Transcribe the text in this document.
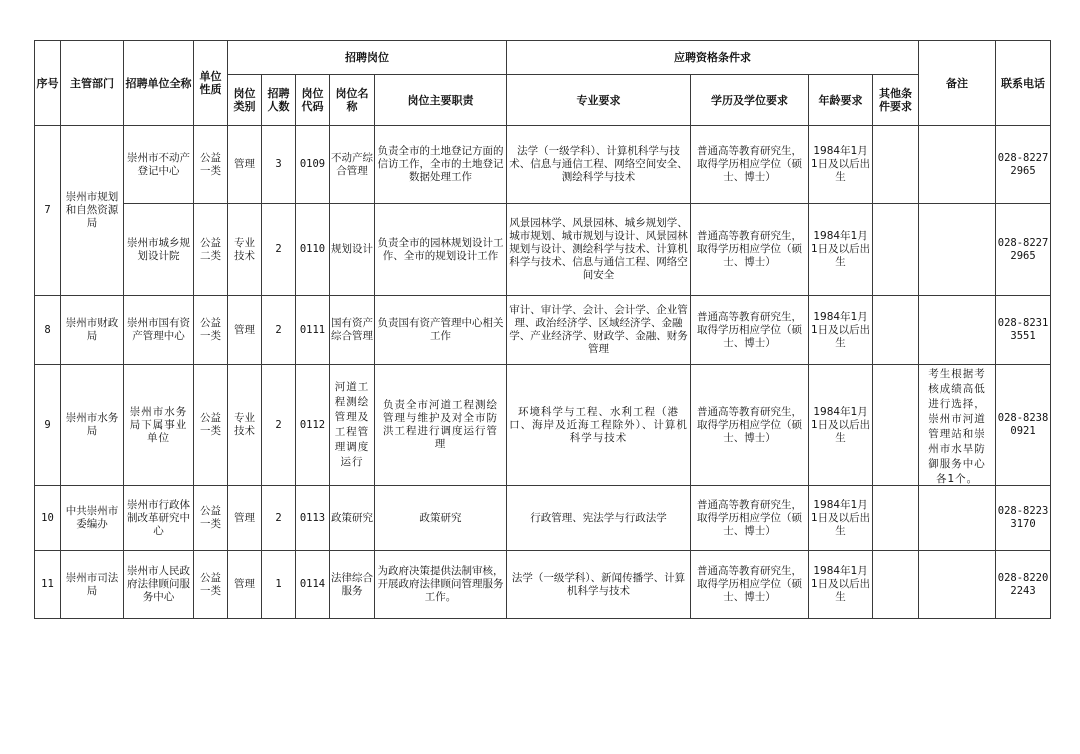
序号	主管部门	招聘单位全称	单位性质	招聘岗位					应聘资格条件求				备注	联系电话
				岗位类别	招聘人数	岗位代码	岗位名称	岗位主要职责	专业要求	学历及学位要求	年龄要求	其他条件要求		
7	崇州市规划和自然资源局	崇州市不动产登记中心	公益一类	管理	3	0109	不动产综合管理	负责全市的土地登记方面的信访工作，全市的土地登记数据处理工作	法学（一级学科）、计算机科学与技术、信息与通信工程、网络空间安全、测绘科学与技术	普通高等教育研究生，取得学历相应学位（硕士、博士）	1984年1月1日及以后出生			028-82272965
		崇州市城乡规划设计院	公益二类	专业技术	2	0110	规划设计	负责全市的园林规划设计工作、全市的规划设计工作	风景园林学、风景园林、城乡规划学、城市规划、城市规划与设计、风景园林规划与设计、测绘科学与技术、计算机科学与技术、信息与通信工程、网络空间安全	普通高等教育研究生，取得学历相应学位（硕士、博士）	1984年1月1日及以后出生			028-82272965
8	崇州市财政局	崇州市国有资产管理中心	公益一类	管理	2	0111	国有资产综合管理	负责国有资产管理中心相关工作	审计、审计学、会计、会计学、企业管理、政治经济学、区域经济学、金融学、产业经济学、财政学、金融、财务管理	普通高等教育研究生，取得学历相应学位（硕士、博士）	1984年1月1日及以后出生			028-82313551
9	崇州市水务局	崇州市水务局下属事业单位	公益一类	专业技术	2	0112	河道工程测绘管理及工程管理调度运行	负责全市河道工程测绘管理与维护及对全市防洪工程进行调度运行管理	环境科学与工程、水利工程（港口、海岸及近海工程除外）、计算机科学与技术	普通高等教育研究生，取得学历相应学位（硕士、博士）	1984年1月1日及以后出生		考生根据考核成绩高低进行选择，崇州市河道管理站和崇州市水旱防御服务中心各1个。	028-82380921
10	中共崇州市委编办	崇州市行政体制改革研究中心	公益一类	管理	2	0113	政策研究	政策研究	行政管理、宪法学与行政法学	普通高等教育研究生，取得学历相应学位（硕士、博士）	1984年1月1日及以后出生			028-82233170
11	崇州市司法局	崇州市人民政府法律顾问服务中心	公益一类	管理	1	0114	法律综合服务	为政府决策提供法制审核，开展政府法律顾问管理服务工作。	法学（一级学科）、新闻传播学、计算机科学与技术	普通高等教育研究生，取得学历相应学位（硕士、博士）	1984年1月1日及以后出生			028-82202243
